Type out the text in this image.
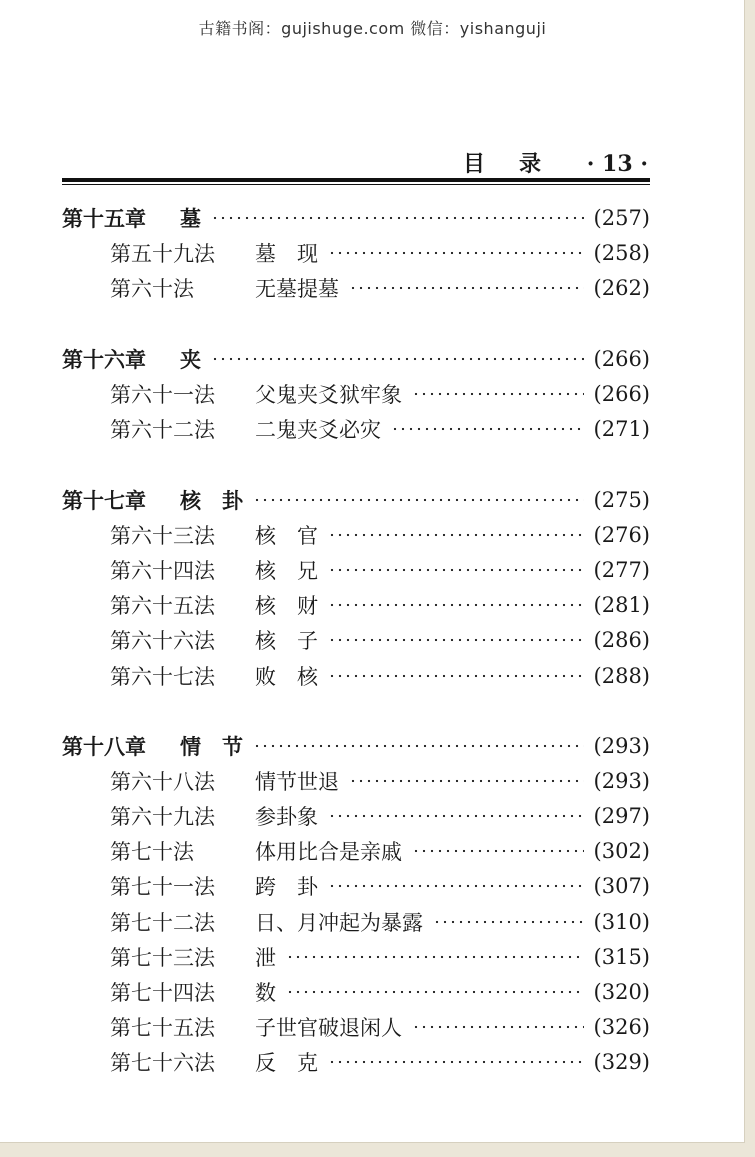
古籍书阁：gujishuge.com 微信：yishanguji
目录 · 13 ·
第十五章	墓	(257)
第五十九法	墓　现	(258)
第六十法	无墓提墓	(262)
第十六章	夹	(266)
第六十一法	父鬼夹爻狱牢象	(266)
第六十二法	二鬼夹爻必灾	(271)
第十七章	核　卦	(275)
第六十三法	核　官	(276)
第六十四法	核　兄	(277)
第六十五法	核　财	(281)
第六十六法	核　子	(286)
第六十七法	败　核	(288)
第十八章	情　节	(293)
第六十八法	情节世退	(293)
第六十九法	参卦象	(297)
第七十法	体用比合是亲戚	(302)
第七十一法	跨　卦	(307)
第七十二法	日、月冲起为暴露	(310)
第七十三法	泄	(315)
第七十四法	数	(320)
第七十五法	子世官破退闲人	(326)
第七十六法	反　克	(329)
